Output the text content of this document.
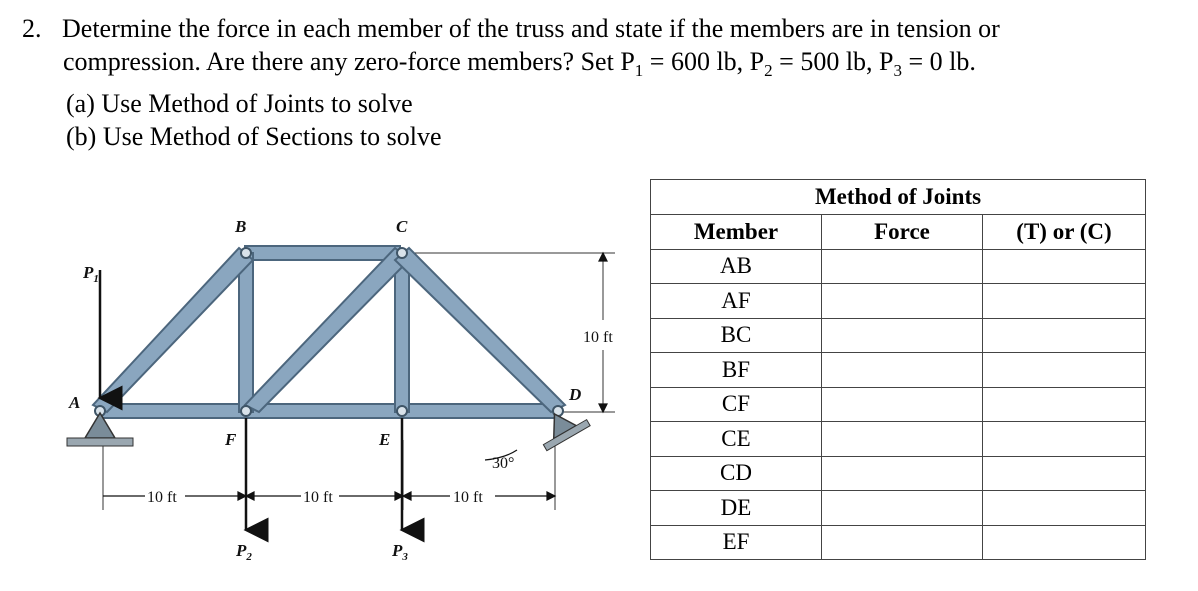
2. Determine the force in each member of the truss and state if the members are in tension or
compression. Are there any zero-force members? Set $P_1 = 600$ lb, $P_2 = 500$ lb, $P_3 = 0$ lb.
(a) Use Method of Joints to solve
(b) Use Method of Sections to solve
B	C
A	D
F	E
$P_1$
$P_2$	$P_3$
10 ft	10 ft	10 ft
10 ft
30°
Method of Joints		
Member	Force	(T) or (C)
AB		
AF		
BC		
BF		
CF		
CE		
CD		
DE		
EF		
